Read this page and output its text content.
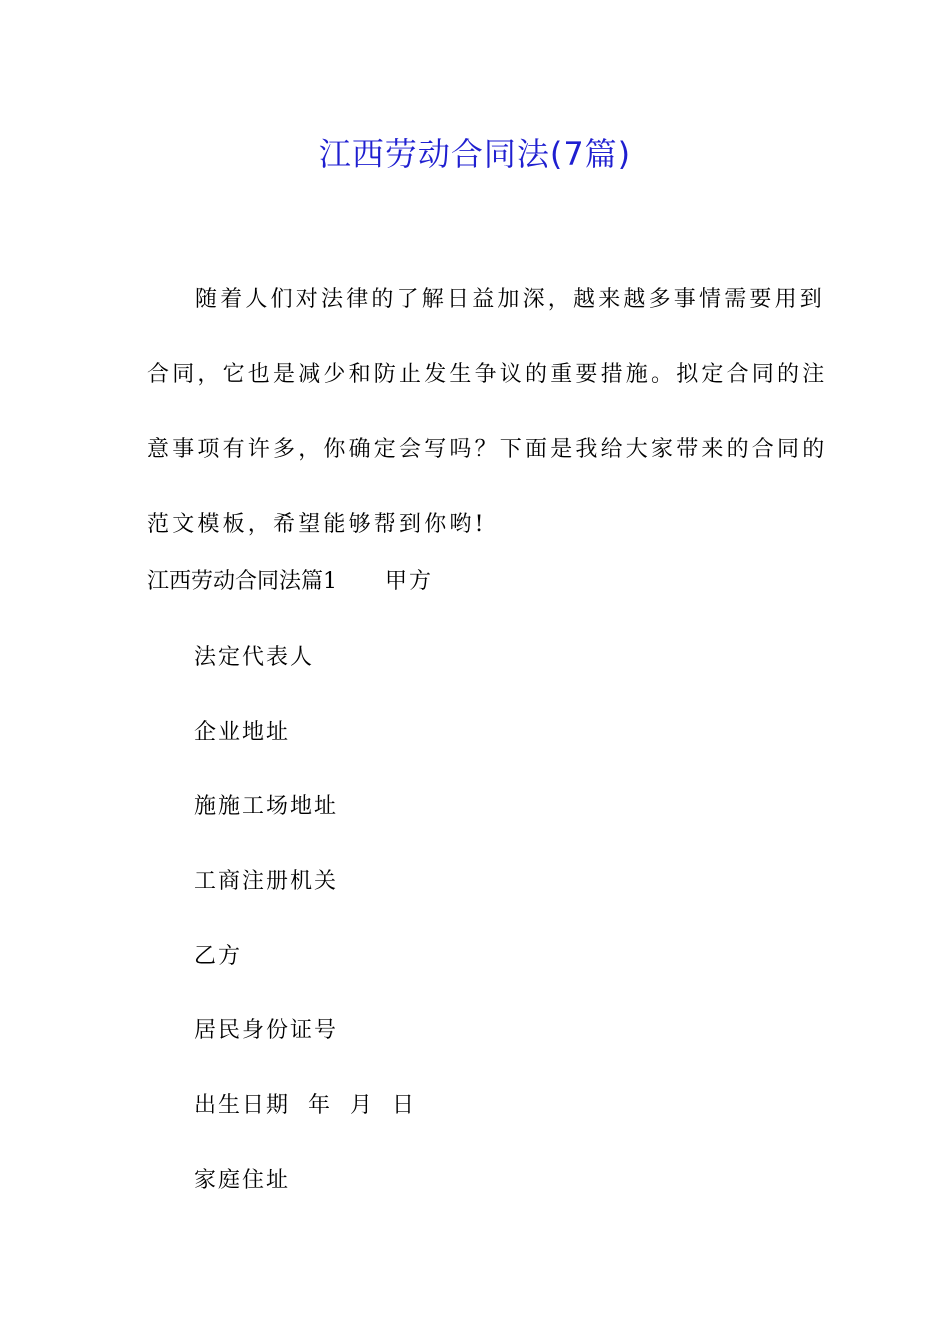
江西劳动合同法(7篇)

随着人们对法律的了解日益加深，越来越多事情需要用到
合同，它也是减少和防止发生争议的重要措施。拟定合同的注
意事项有许多，你确定会写吗？下面是我给大家带来的合同的
范文模板，希望能够帮到你哟!

江西劳动合同法篇1 甲方
法定代表人
企业地址
施施工场地址
工商注册机关
乙方
居民身份证号
出生日期  年  月  日
家庭住址
